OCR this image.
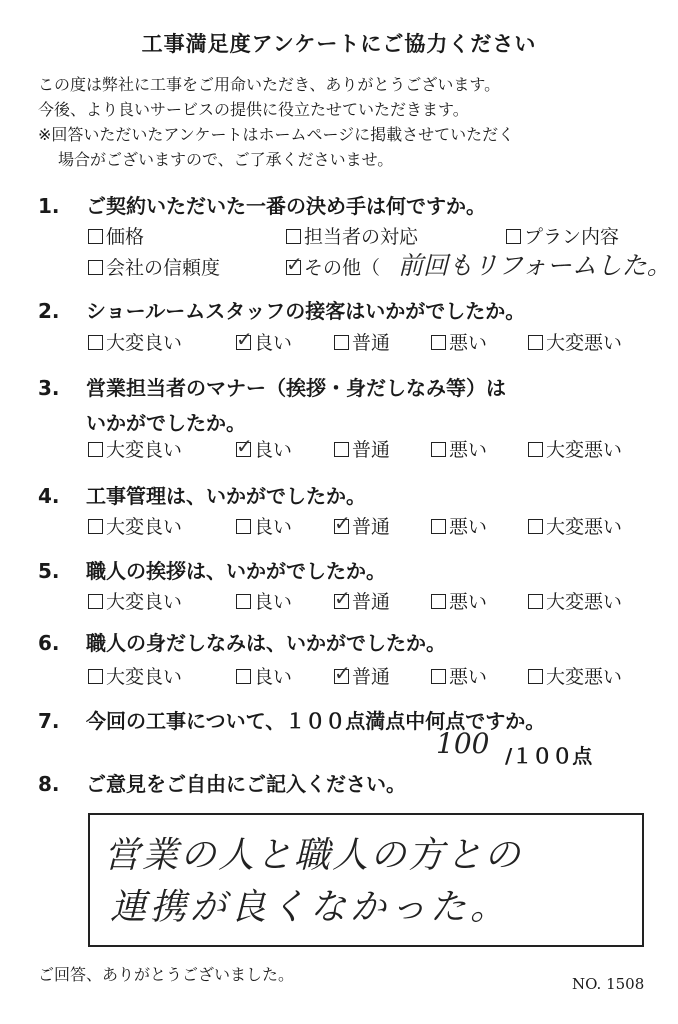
工事満足度アンケートにご協力ください
この度は弊社に工事をご用命いただき、ありがとうございます。
今後、より良いサービスの提供に役立たせていただきます。
※回答いただいたアンケートはホームページに掲載させていただく
場合がございますので、ご了承くださいませ。
1. ご契約いただいた一番の決め手は何ですか。
価格	担当者の対応	プラン内容
会社の信頼度	✓ その他（ 前回もリフォームした。
2. ショールームスタッフの接客はいかがでしたか。
大変良い	✓ 良い	普通	悪い	大変悪い
3. 営業担当者のマナー（挨拶・身だしなみ等）は
いかがでしたか。
大変良い	✓ 良い	普通	悪い	大変悪い
4. 工事管理は、いかがでしたか。
大変良い	良い ✓ 普通	悪い	大変悪い
5. 職人の挨拶は、いかがでしたか。
大変良い	良い ✓ 普通	悪い	大変悪い
6. 職人の身だしなみは、いかがでしたか。
大変良い	良い ✓ 普通	悪い	大変悪い
7. 今回の工事について、１００点満点中何点ですか。
100 /１００点
8. ご意見をご自由にご記入ください。
営業の人と職人の方との
連携が良くなかった。
ご回答、ありがとうございました。	NO. 1508
